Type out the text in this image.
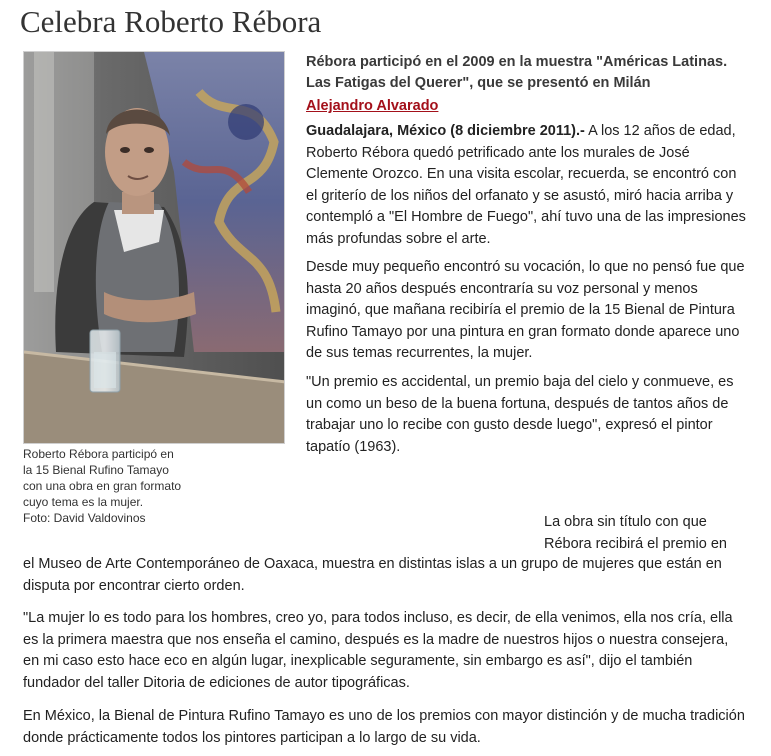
Celebra Roberto Rébora
Roberto Rébora participó en
la 15 Bienal Rufino Tamayo
con una obra en gran formato
cuyo tema es la mujer.
Foto: David Valdovinos

Rébora participó en el 2009 en la muestra "Américas Latinas. Las Fatigas del Querer", que se presentó en Milán

Alejandro Alvarado

Guadalajara, México (8 diciembre 2011).- A los 12 años de edad, Roberto Rébora quedó petrificado ante los murales de José Clemente Orozco. En una visita escolar, recuerda, se encontró con el griterío de los niños del orfanato y se asustó, miró hacia arriba y contempló a "El Hombre de Fuego", ahí tuvo una de las impresiones más profundas sobre el arte.

Desde muy pequeño encontró su vocación, lo que no pensó fue que hasta 20 años después encontraría su voz personal y menos imaginó, que mañana recibiría el premio de la 15 Bienal de Pintura Rufino Tamayo por una pintura en gran formato donde aparece uno de sus temas recurrentes, la mujer.

"Un premio es accidental, un premio baja del cielo y conmueve, es un como un beso de la buena fortuna, después de tantos años de trabajar uno lo recibe con gusto desde luego", expresó el pintor tapatío (1963).

La obra sin título con que Rébora recibirá el premio en

el Museo de Arte Contemporáneo de Oaxaca, muestra en distintas islas a un grupo de mujeres que están en disputa por encontrar cierto orden.

"La mujer lo es todo para los hombres, creo yo, para todos incluso, es decir, de ella venimos, ella nos cría, ella es la primera maestra que nos enseña el camino, después es la madre de nuestros hijos o nuestra consejera, en mi caso esto hace eco en algún lugar, inexplicable seguramente, sin embargo es así", dijo el también fundador del taller Ditoria de ediciones de autor tipográficas.

En México, la Bienal de Pintura Rufino Tamayo es uno de los premios con mayor distinción y de mucha tradición donde prácticamente todos los pintores participan a lo largo de su vida.
